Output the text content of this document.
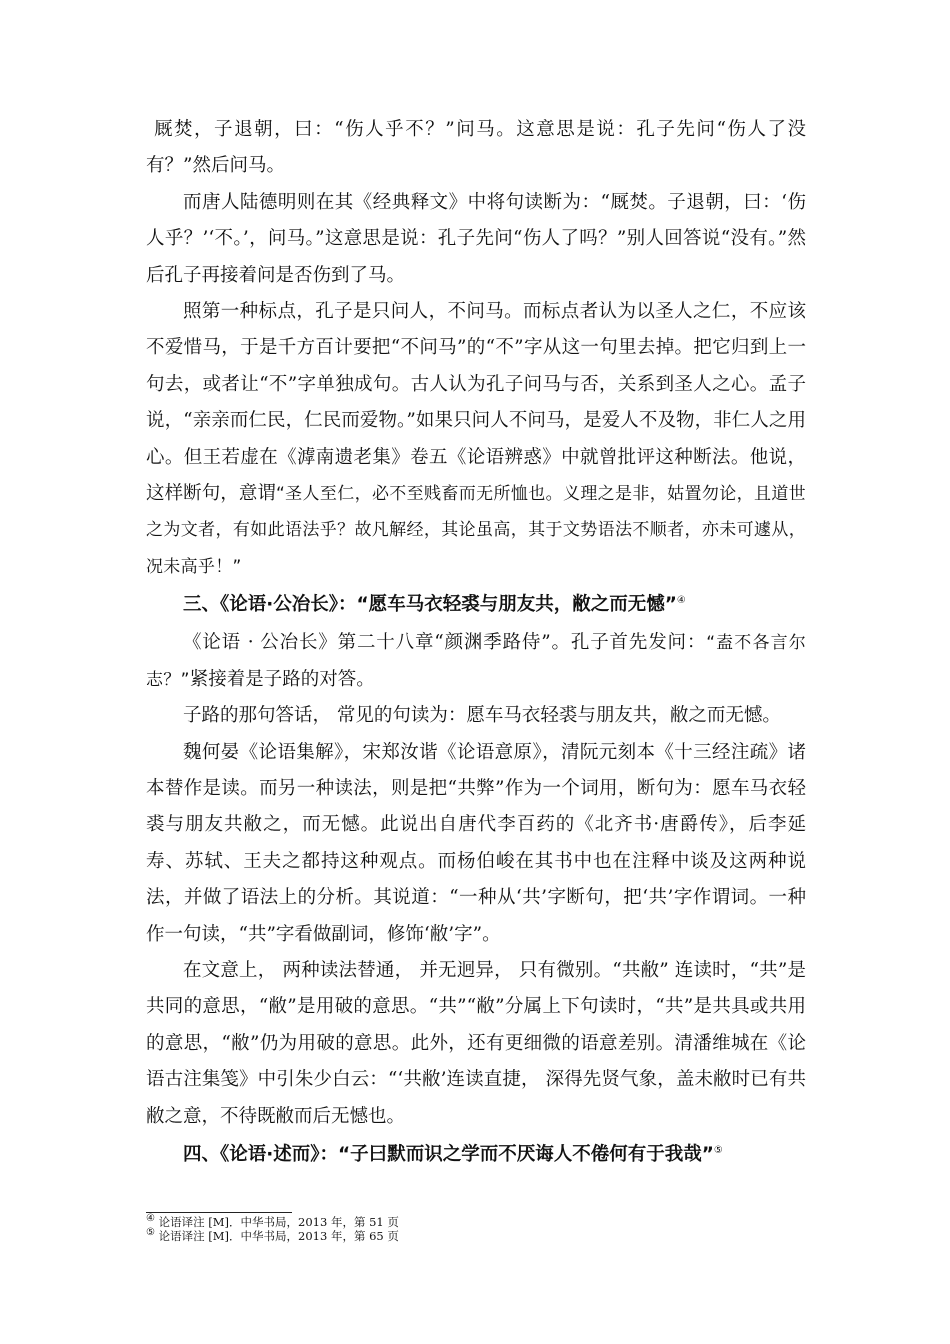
厩焚，子退朝，曰：“伤人乎不？”问马。这意思是说：孔子先问“伤人了没有？”然后问马。

而唐人陆德明则在其《经典释文》中将句读断为：“厩焚。子退朝，曰：‘伤人乎？’‘不。’，问马。”这意思是说：孔子先问“伤人了吗？”别人回答说“没有。”然后孔子再接着问是否伤到了马。

照第一种标点，孔子是只问人，不问马。而标点者认为以圣人之仁，不应该不爱惜马，于是千方百计要把“不问马”的“不”字从这一句里去掉。把它归到上一句去，或者让“不”字单独成句。古人认为孔子问马与否，关系到圣人之心。孟子说，“亲亲而仁民，仁民而爱物。”如果只问人不问马，是爱人不及物，非仁人之用心。但王若虚在《滹南遗老集》卷五《论语辨惑》中就曾批评这种断法。他说，这样断句，意谓“圣人至仁，必不至贱畜而无所恤也。义理之是非，姑置勿论，且道世之为文者，有如此语法乎？故凡解经，其论虽高，其于文势语法不顺者，亦未可遽从，况未高乎！”

三、《论语·公冶长》：“愿车马衣轻裘与朋友共，敝之而无憾”④

《论语 · 公冶长》第二十八章“颜渊季路侍”。孔子首先发问：“盍不各言尔志？”紧接着是子路的对答。

子路的那句答话， 常见的句读为：愿车马衣轻裘与朋友共，敝之而无憾。

魏何晏《论语集解》，宋郑汝谐《论语意原》，清阮元刻本《十三经注疏》诸本替作是读。而另一种读法，则是把“共弊”作为一个词用，断句为：愿车马衣轻裘与朋友共敝之，而无憾。此说出自唐代李百药的《北齐书·唐爵传》，后李延寿、苏轼、王夫之都持这种观点。而杨伯峻在其书中也在注释中谈及这两种说法，并做了语法上的分析。其说道：“一种从‘共’字断句，把‘共’字作谓词。一种作一句读，“共”字看做副词，修饰‘敝’字”。

在文意上， 两种读法替通， 并无迥异， 只有微别。“共敝” 连读时，“共”是共同的意思，“敝”是用破的意思。“共”“敝”分属上下句读时，“共”是共具或共用的意思，“敝”仍为用破的意思。此外，还有更细微的语意差别。清潘维城在《论语古注集笺》中引朱少白云：“‘共敝’连读直捷， 深得先贤气象，盖未敝时已有共敝之意，不待既敝而后无憾也。

四、《论语·述而》：“子曰默而识之学而不厌诲人不倦何有于我哉”⑤

④ 论语译注 [M]．中华书局，2013 年，第 51 页

⑤ 论语译注 [M]．中华书局，2013 年，第 65 页
